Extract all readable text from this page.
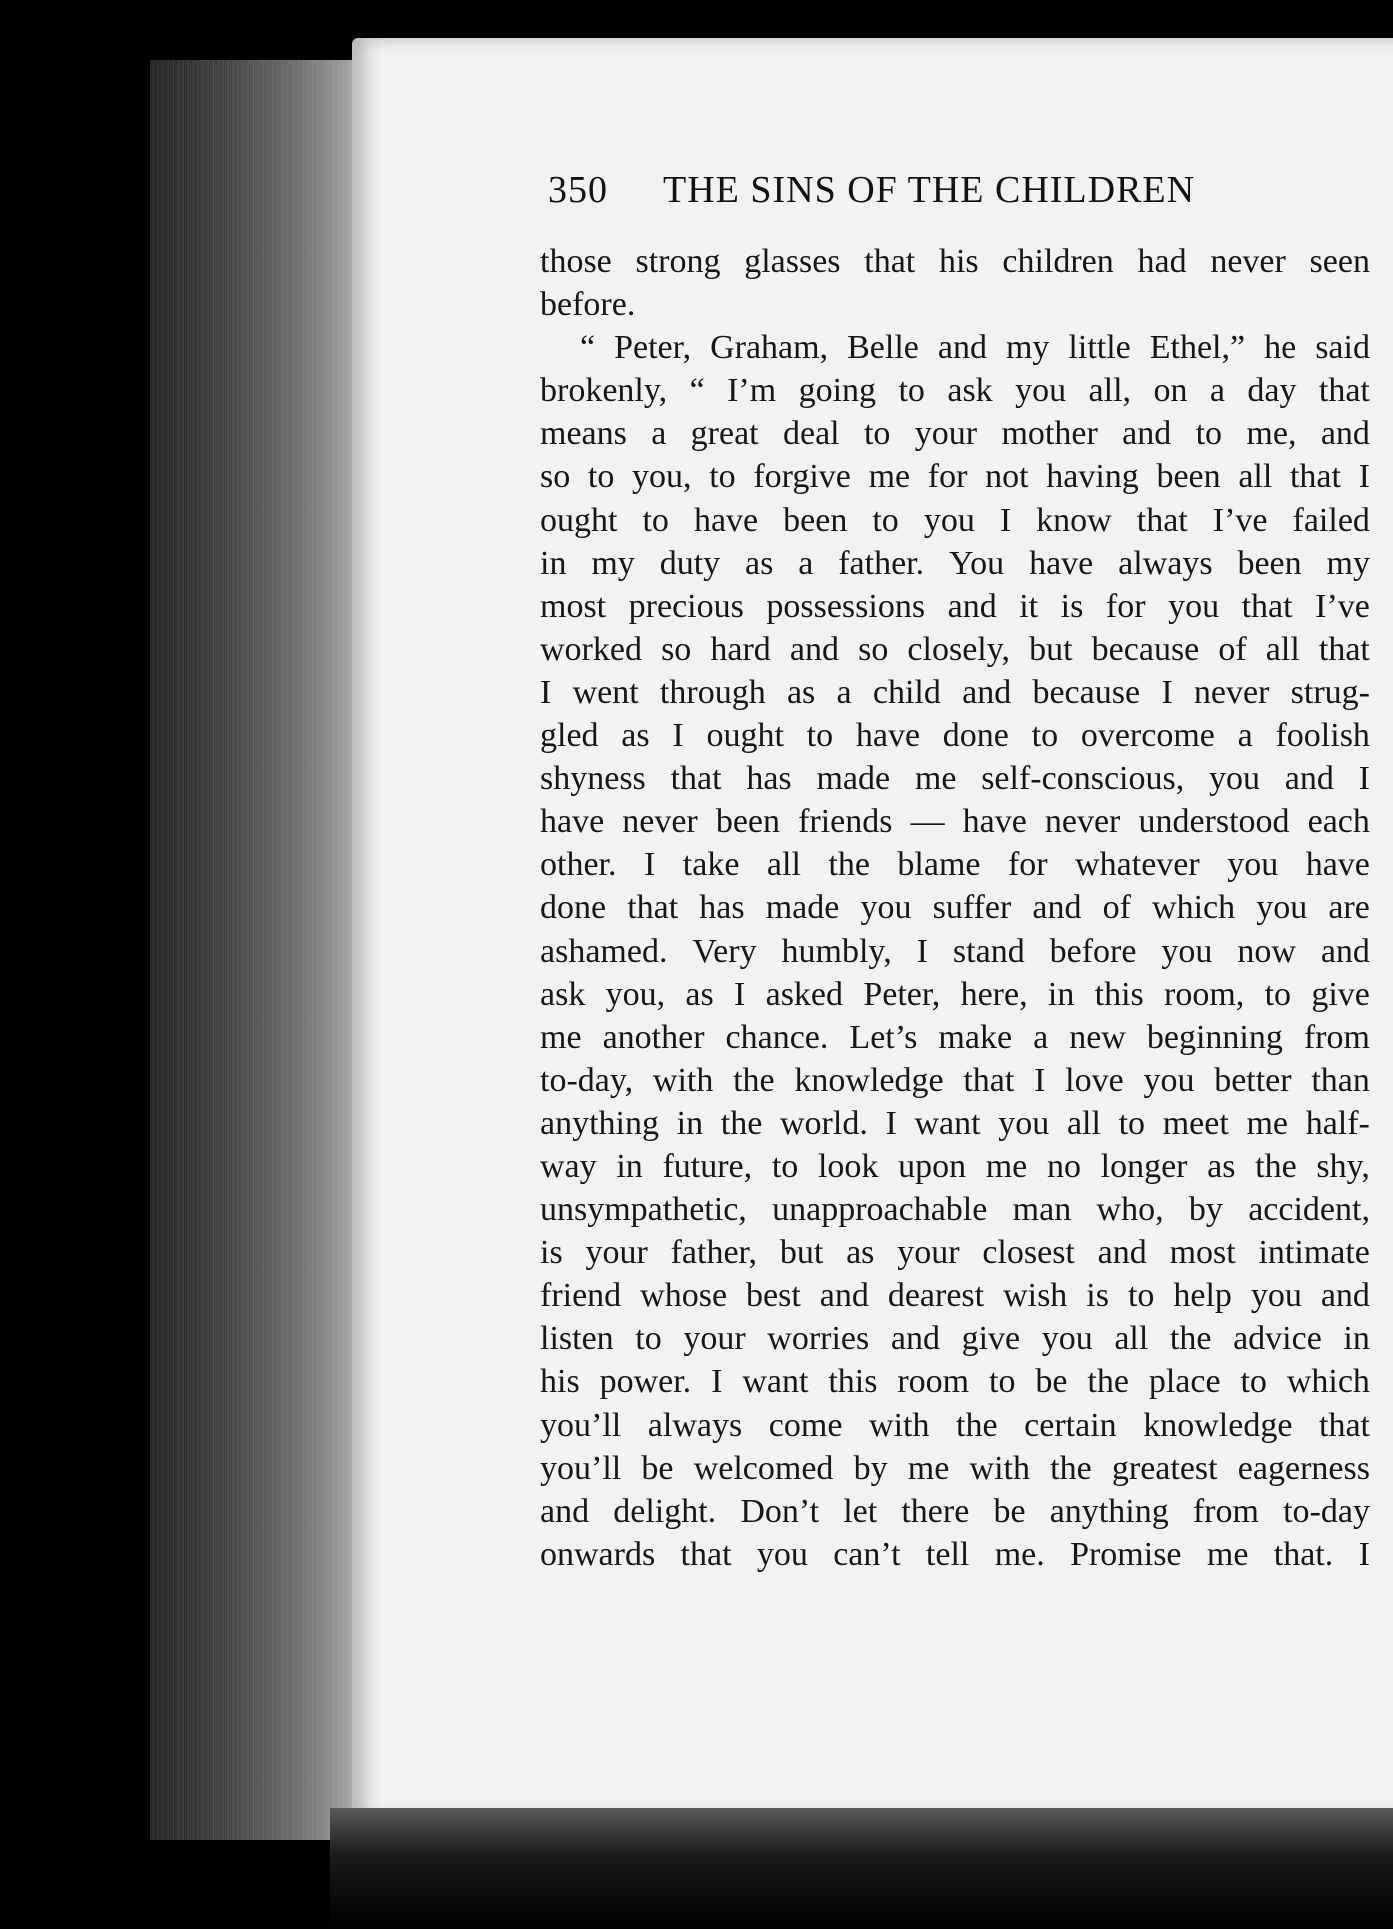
350 THE SINS OF THE CHILDREN
those strong glasses that his children had never seen
before.
“ Peter, Graham, Belle and my little Ethel,” he said
brokenly, “ I’m going to ask you all, on a day that
means a great deal to your mother and to me, and
so to you, to forgive me for not having been all that I
ought to have been to you I know that I’ve failed
in my duty as a father. You have always been my
most precious possessions and it is for you that I’ve
worked so hard and so closely, but because of all that
I went through as a child and because I never strug-
gled as I ought to have done to overcome a foolish
shyness that has made me self-conscious, you and I
have never been friends — have never understood each
other. I take all the blame for whatever you have
done that has made you suffer and of which you are
ashamed. Very humbly, I stand before you now and
ask you, as I asked Peter, here, in this room, to give
me another chance. Let’s make a new beginning from
to-day, with the knowledge that I love you better than
anything in the world. I want you all to meet me half-
way in future, to look upon me no longer as the shy,
unsympathetic, unapproachable man who, by accident,
is your father, but as your closest and most intimate
friend whose best and dearest wish is to help you and
listen to your worries and give you all the advice in
his power. I want this room to be the place to which
you’ll always come with the certain knowledge that
you’ll be welcomed by me with the greatest eagerness
and delight. Don’t let there be anything from to-day
onwards that you can’t tell me. Promise me that. I
